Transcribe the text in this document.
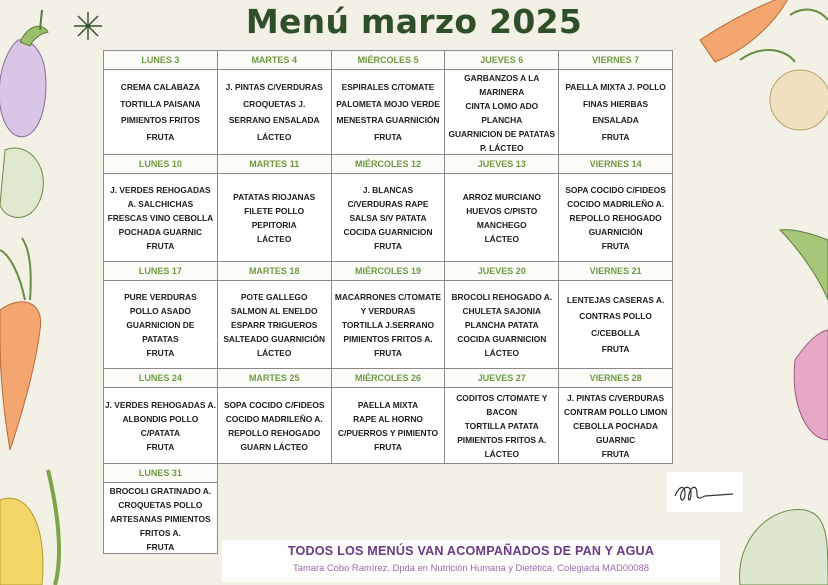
Menú marzo 2025
LUNES 3
CREMA CALABAZA
TORTILLA PAISANA
PIMIENTOS FRITOS
FRUTA
MARTES 4
J. PINTAS C/VERDURAS
CROQUETAS J.
SERRANO ENSALADA
LÁCTEO
MIÉRCOLES 5
ESPIRALES C/TOMATE
PALOMETA MOJO VERDE
MENESTRA GUARNICIÓN
FRUTA
JUEVES 6
GARBANZOS A LA
MARINERA
CINTA LOMO ADO
PLANCHA
GUARNICION DE PATATAS
P. LÁCTEO
VIERNES 7
PAELLA MIXTA J. POLLO
FINAS HIERBAS
ENSALADA
FRUTA
LUNES 10
J. VERDES REHOGADAS
A. SALCHICHAS
FRESCAS VINO CEBOLLA
POCHADA GUARNIC
FRUTA
MARTES 11
PATATAS RIOJANAS
FILETE POLLO
PEPITORIA
LÁCTEO
MIÉRCOLES 12
J. BLANCAS
C/VERDURAS RAPE
SALSA S/V PATATA
COCIDA GUARNICION
FRUTA
JUEVES 13
ARROZ MURCIANO
HUEVOS C/PISTO
MANCHEGO
LÁCTEO
VIERNES 14
SOPA COCIDO C/FIDEOS
COCIDO MADRILEÑO A.
REPOLLO REHOGADO
GUARNICIÓN
FRUTA
LUNES 17
PURE VERDURAS
POLLO ASADO
GUARNICION DE
PATATAS
FRUTA
MARTES 18
POTE GALLEGO
SALMON AL ENELDO
ESPARR TRIGUEROS
SALTEADO GUARNICIÓN
LÁCTEO
MIÉRCOLES 19
MACARRONES C/TOMATE
Y VERDURAS
TORTILLA J.SERRANO
PIMIENTOS FRITOS A.
FRUTA
JUEVES 20
BROCOLI REHOGADO A.
CHULETA SAJONIA
PLANCHA PATATA
COCIDA GUARNICION
LÁCTEO
VIERNES 21
LENTEJAS CASERAS A.
CONTRAS POLLO
C/CEBOLLA
FRUTA
LUNES 24
J. VERDES REHOGADAS A.
ALBONDIG POLLO
C/PATATA
FRUTA
MARTES 25
SOPA COCIDO C/FIDEOS
COCIDO MADRILEÑO A.
REPOLLO REHOGADO
GUARN LÁCTEO
MIÉRCOLES 26
PAELLA MIXTA
RAPE AL HORNO
C/PUERROS Y PIMIENTO
FRUTA
JUEVES 27
CODITOS C/TOMATE Y
BACON
TORTILLA PATATA
PIMIENTOS FRITOS A.
LÁCTEO
VIERNES 28
J. PINTAS C/VERDURAS
CONTRAM POLLO LIMON
CEBOLLA POCHADA
GUARNIC
FRUTA
LUNES 31
BROCOLI GRATINADO A.
CROQUETAS POLLO
ARTESANAS PIMIENTOS
FRITOS A.
FRUTA	TODOS LOS MENÚS VAN ACOMPAÑADOS DE PAN Y AGUA
Tamara Cobo Ramírez. Dpda en Nutrición Humana y Dietética. Colegiada MAD00088
